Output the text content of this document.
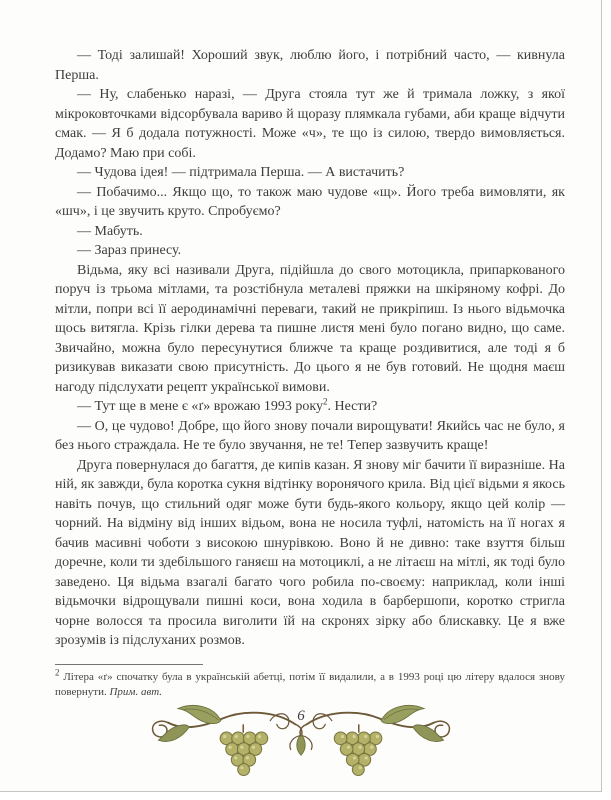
— Тоді залишай! Хороший звук, люблю його, і потрібний часто, — кивнула Перша.

— Ну, слабенько наразі, — Друга стояла тут же й тримала ложку, з якої мікроковточками відсорбувала вариво й щоразу плямкала губами, аби краще відчути смак. — Я б додала потужності. Може «ч», те що із силою, твердо вимовляється. Додамо? Маю при собі.

— Чудова ідея! — підтримала Перша. — А вистачить?

— Побачимо... Якщо що, то також маю чудове «щ». Його треба вимовляти, як «шч», і це звучить круто. Спробуємо?

— Мабуть.

— Зараз принесу.

Відьма, яку всі називали Друга, підійшла до свого мотоцикла, припаркованого поруч із трьома мітлами, та розстібнула металеві пряжки на шкіряному кофрі. До мітли, попри всі її аеродинамічні переваги, такий не прикріпиш. Із нього відьмочка щось витягла. Крізь гілки дерева та пишне листя мені було погано видно, що саме. Звичайно, можна було пересунутися ближче та краще роздивитися, але тоді я б ризикував виказати свою присутність. До цього я не був готовий. Не щодня маєш нагоду підслухати рецепт української вимови.

— Тут ще в мене є «ґ» врожаю 1993 року$^2$. Нести?

— О, це чудово! Добре, що його знову почали вирощувати! Якийсь час не було, я без нього страждала. Не те було звучання, не те! Тепер зазвучить краще!

Друга повернулася до багаття, де кипів казан. Я знову міг бачити її виразніше. На ній, як завжди, була коротка сукня відтінку воронячого крила. Від цієї відьми я якось навіть почув, що стильний одяг може бути будь-якого кольору, якщо цей колір — чорний. На відміну від інших відьом, вона не носила туфлі, натомість на її ногах я бачив масивні чоботи з високою шнурівкою. Воно й не дивно: таке взуття більш доречне, коли ти здебільшого ганяєш на мотоциклі, а не літаєш на мітлі, як тоді було заведено. Ця відьма взагалі багато чого робила по-своєму: наприклад, коли інші відьмочки відрощували пишні коси, вона ходила в барбершопи, коротко стригла чорне волосся та просила виголити їй на скронях зірку або блискавку. Це я вже зрозумів із підслуханих розмов.

$^2$ Літера «ґ» спочатку була в українській абетці, потім її видалили, а в 1993 році цю літеру вдалося знову повернути. Прим. авт.

6
